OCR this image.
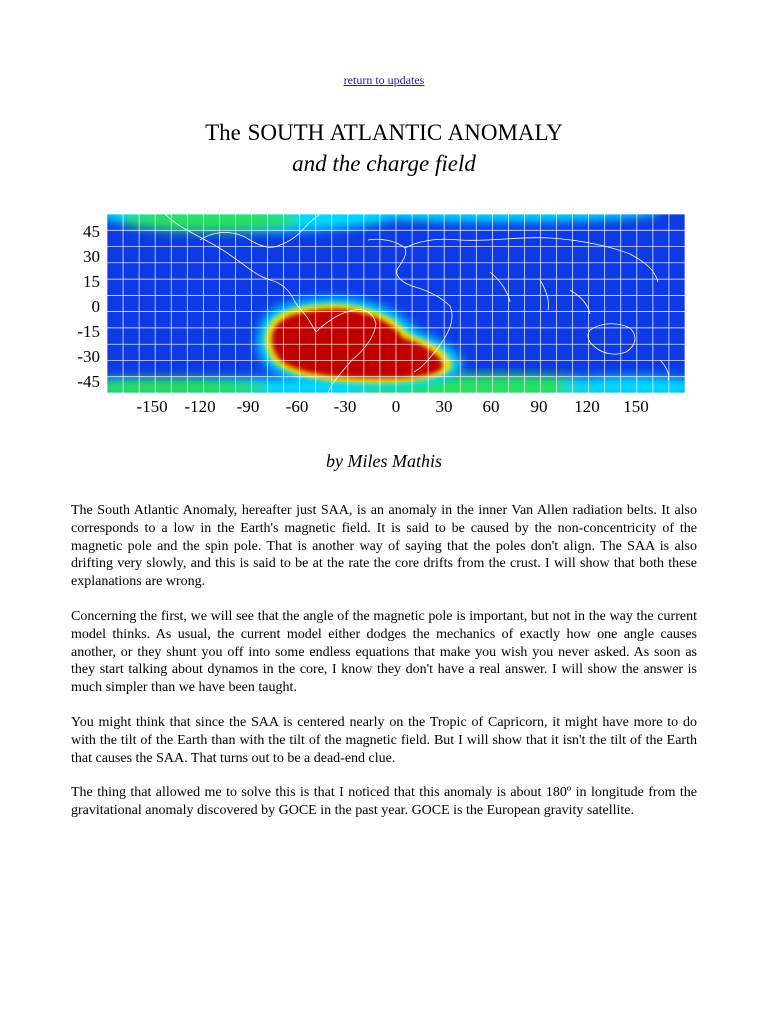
return to updates
The SOUTH ATLANTIC ANOMALY
and the charge field
45
30
15
0
-15
-30
-45
-150 -120 -90 -60 -30 0 30 60 90 120 150
by Miles Mathis

The South Atlantic Anomaly, hereafter just SAA, is an anomaly in the inner Van Allen radiation belts. It also corresponds to a low in the Earth's magnetic field. It is said to be caused by the non-concentricity of the magnetic pole and the spin pole. That is another way of saying that the poles don't align. The SAA is also drifting very slowly, and this is said to be at the rate the core drifts from the crust. I will show that both these explanations are wrong.

Concerning the first, we will see that the angle of the magnetic pole is important, but not in the way the current model thinks. As usual, the current model either dodges the mechanics of exactly how one angle causes another, or they shunt you off into some endless equations that make you wish you never asked. As soon as they start talking about dynamos in the core, I know they don't have a real answer. I will show the answer is much simpler than we have been taught.

You might think that since the SAA is centered nearly on the Tropic of Capricorn, it might have more to do with the tilt of the Earth than with the tilt of the magnetic field. But I will show that it isn't the tilt of the Earth that causes the SAA. That turns out to be a dead-end clue.

The thing that allowed me to solve this is that I noticed that this anomaly is about 180º in longitude from the gravitational anomaly discovered by GOCE in the past year. GOCE is the European gravity satellite.
